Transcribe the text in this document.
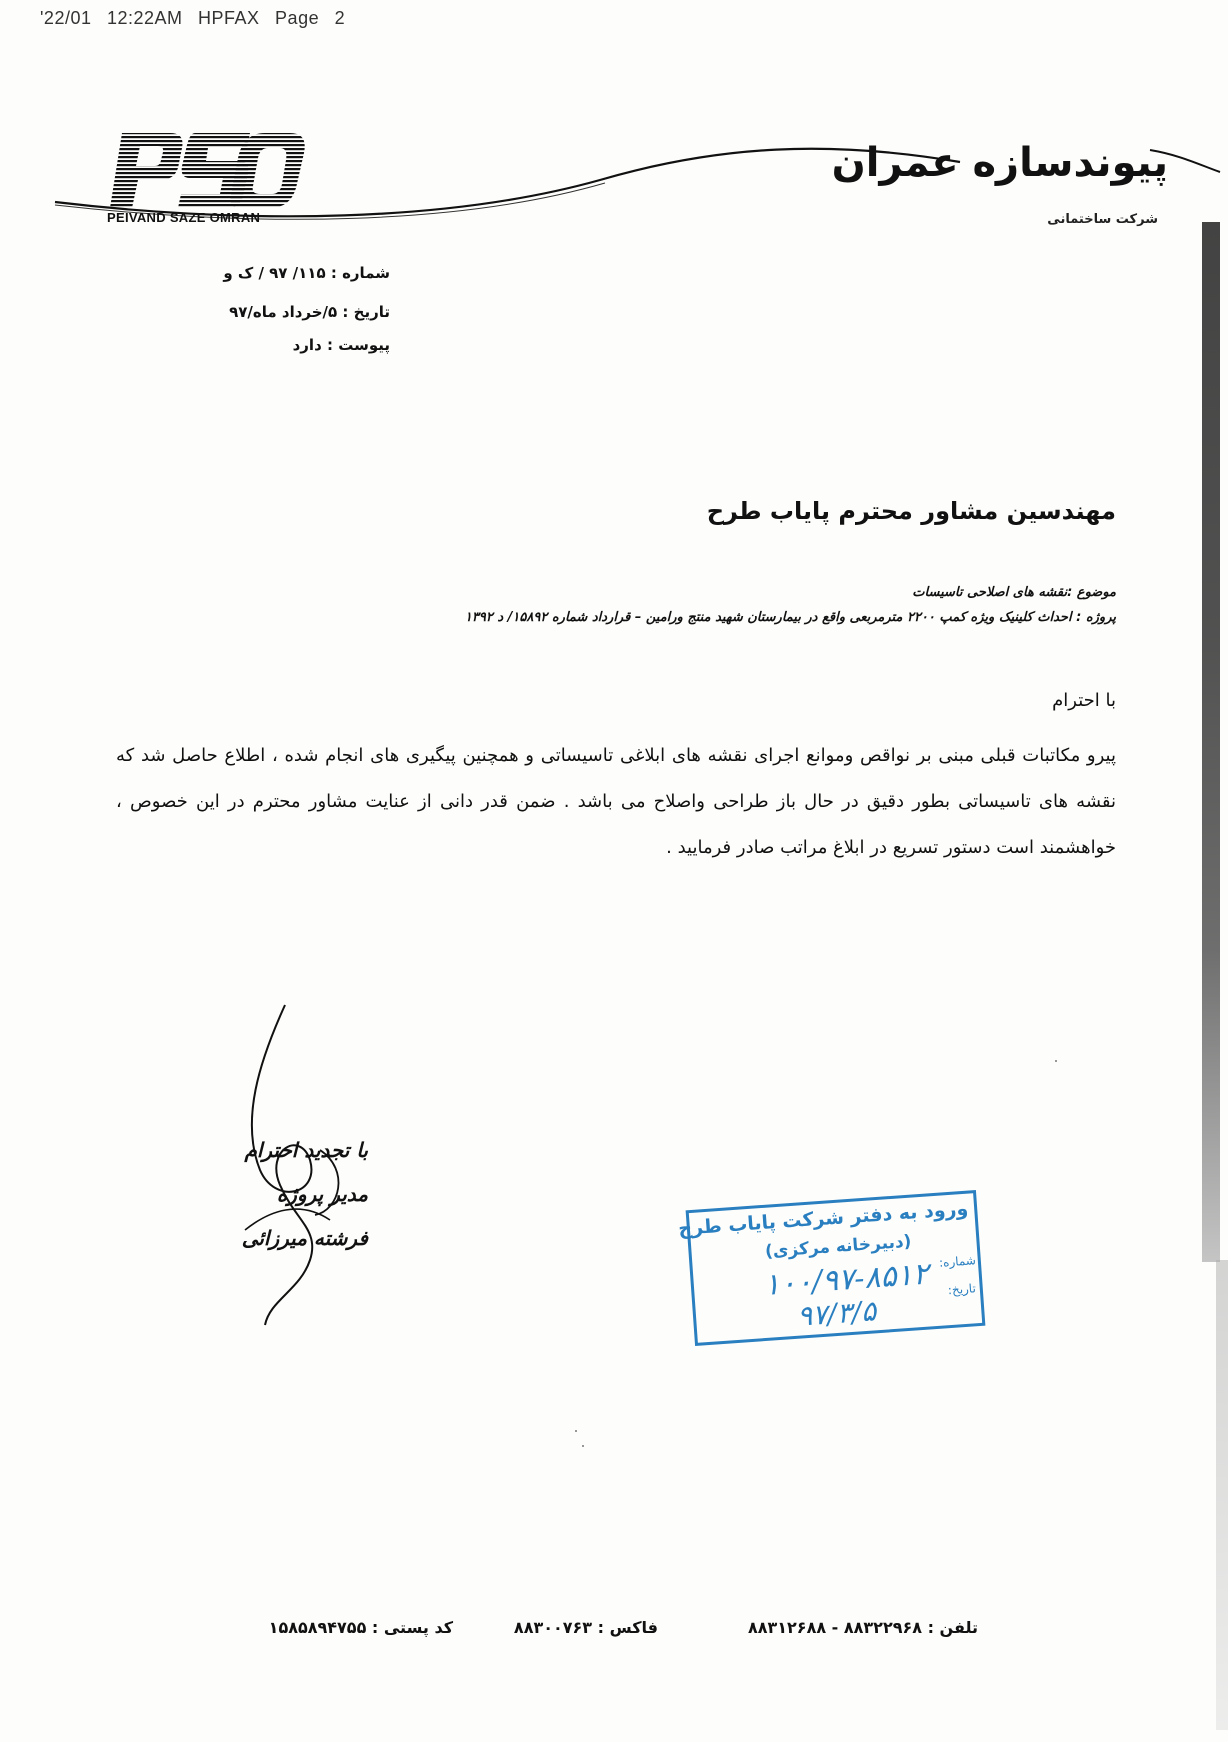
'22/01 12:22AM HPFAX Page 2
PEIVAND SAZE OMRAN
پیوندسازه عمران
شرکت ساختمانی
شماره : ۱۱۵/ ۹۷ / ک و
تاریخ : ۵/خرداد ماه/۹۷
پیوست : دارد
مهندسین مشاور محترم پایاب طرح
موضوع :نقشه های اصلاحی تاسیسات
پروژه : احداث کلینیک ویژه کمپ ۲۲۰۰ مترمربعی واقع در بیمارستان شهید منتج ورامین – قرارداد شماره ۱۵۸۹۲/ د ۱۳۹۲
با احترام
پیرو مکاتبات قبلی مبنی بر نواقص وموانع اجرای نقشه های ابلاغی تاسیساتی و همچنین پیگیری های انجام شده ، اطلاع حاصل شد که نقشه های تاسیساتی بطور دقیق در حال باز طراحی واصلاح می باشد . ضمن قدر دانی از عنایت مشاور محترم در این خصوص ، خواهشمند است دستور تسریع در ابلاغ مراتب صادر فرمایید .
با تجدید احترام
مدیر پروژه
فرشته میرزائی	ورود به دفتر شرکت پایاب طرح
(دبیرخانه مرکزی) شماره:
تاریخ:
۱۰۰/۹۷-۸۵۱۲
۹۷/۳/۵
تلفن : ۸۸۳۲۲۹۶۸ - ۸۸۳۱۲۶۸۸
فاکس : ۸۸۳۰۰۷۶۳
کد پستی : ۱۵۸۵۸۹۴۷۵۵
